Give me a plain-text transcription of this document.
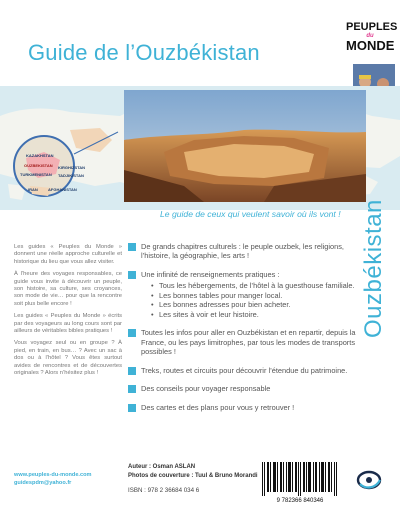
Guide de l’Ouzbékistan
PEUPLES
du
MONDE
KAZAKHSTAN
OUZBEKISTAN
TURKMENISTAN
IRAN	AFGHANISTAN
KIRGHIZSTAN
TADJIKISTAN
Le guide de ceux qui veulent savoir où ils vont ! Ouzbékistan

Les guides « Peuples du Monde » donnent une réelle approche culturelle et historique du lieu que vous allez visiter.

À l’heure des voyages responsables, ce guide vous invite à découvrir un peuple, son histoire, sa culture, ses croyances, son mode de vie… pour que la rencontre soit plus belle encore !

Les guides « Peuples du Monde » écrits par des voyageurs au long cours sont par ailleurs de véritables bibles pratiques !

Vous voyagez seul ou en groupe ? À pied, en train, en bus… ? Avec un sac à dos ou à l’hôtel ? Vous êtes surtout avides de rencontres et de découvertes originales ? Alors n’hésitez plus !

www.peuples-du-monde.com
guidespdm@yahoo.fr
De grands chapitres culturels : le peuple ouzbek, les religions, l’histoire, la géographie, les arts !
Une infinité de renseignements pratiques :
• Tous les hébergements, de l’hôtel à la guesthouse familiale.
• Les bonnes tables pour manger local.
• Les bonnes adresses pour bien acheter.
• Les sites à voir et leur histoire.
Toutes les infos pour aller en Ouzbékistan et en repartir, depuis la France, ou les pays limitrophes, par tous les modes de transports possibles !
Treks, routes et circuits pour découvrir l’étendue du patrimoine.
Des conseils pour voyager responsable
Des cartes et des plans pour vous y retrouver !
Auteur : Osman ASLAN
Photos de couverture : Tuul & Bruno Morandi
ISBN : 978 2 36684 034 6
9 782366 840346
